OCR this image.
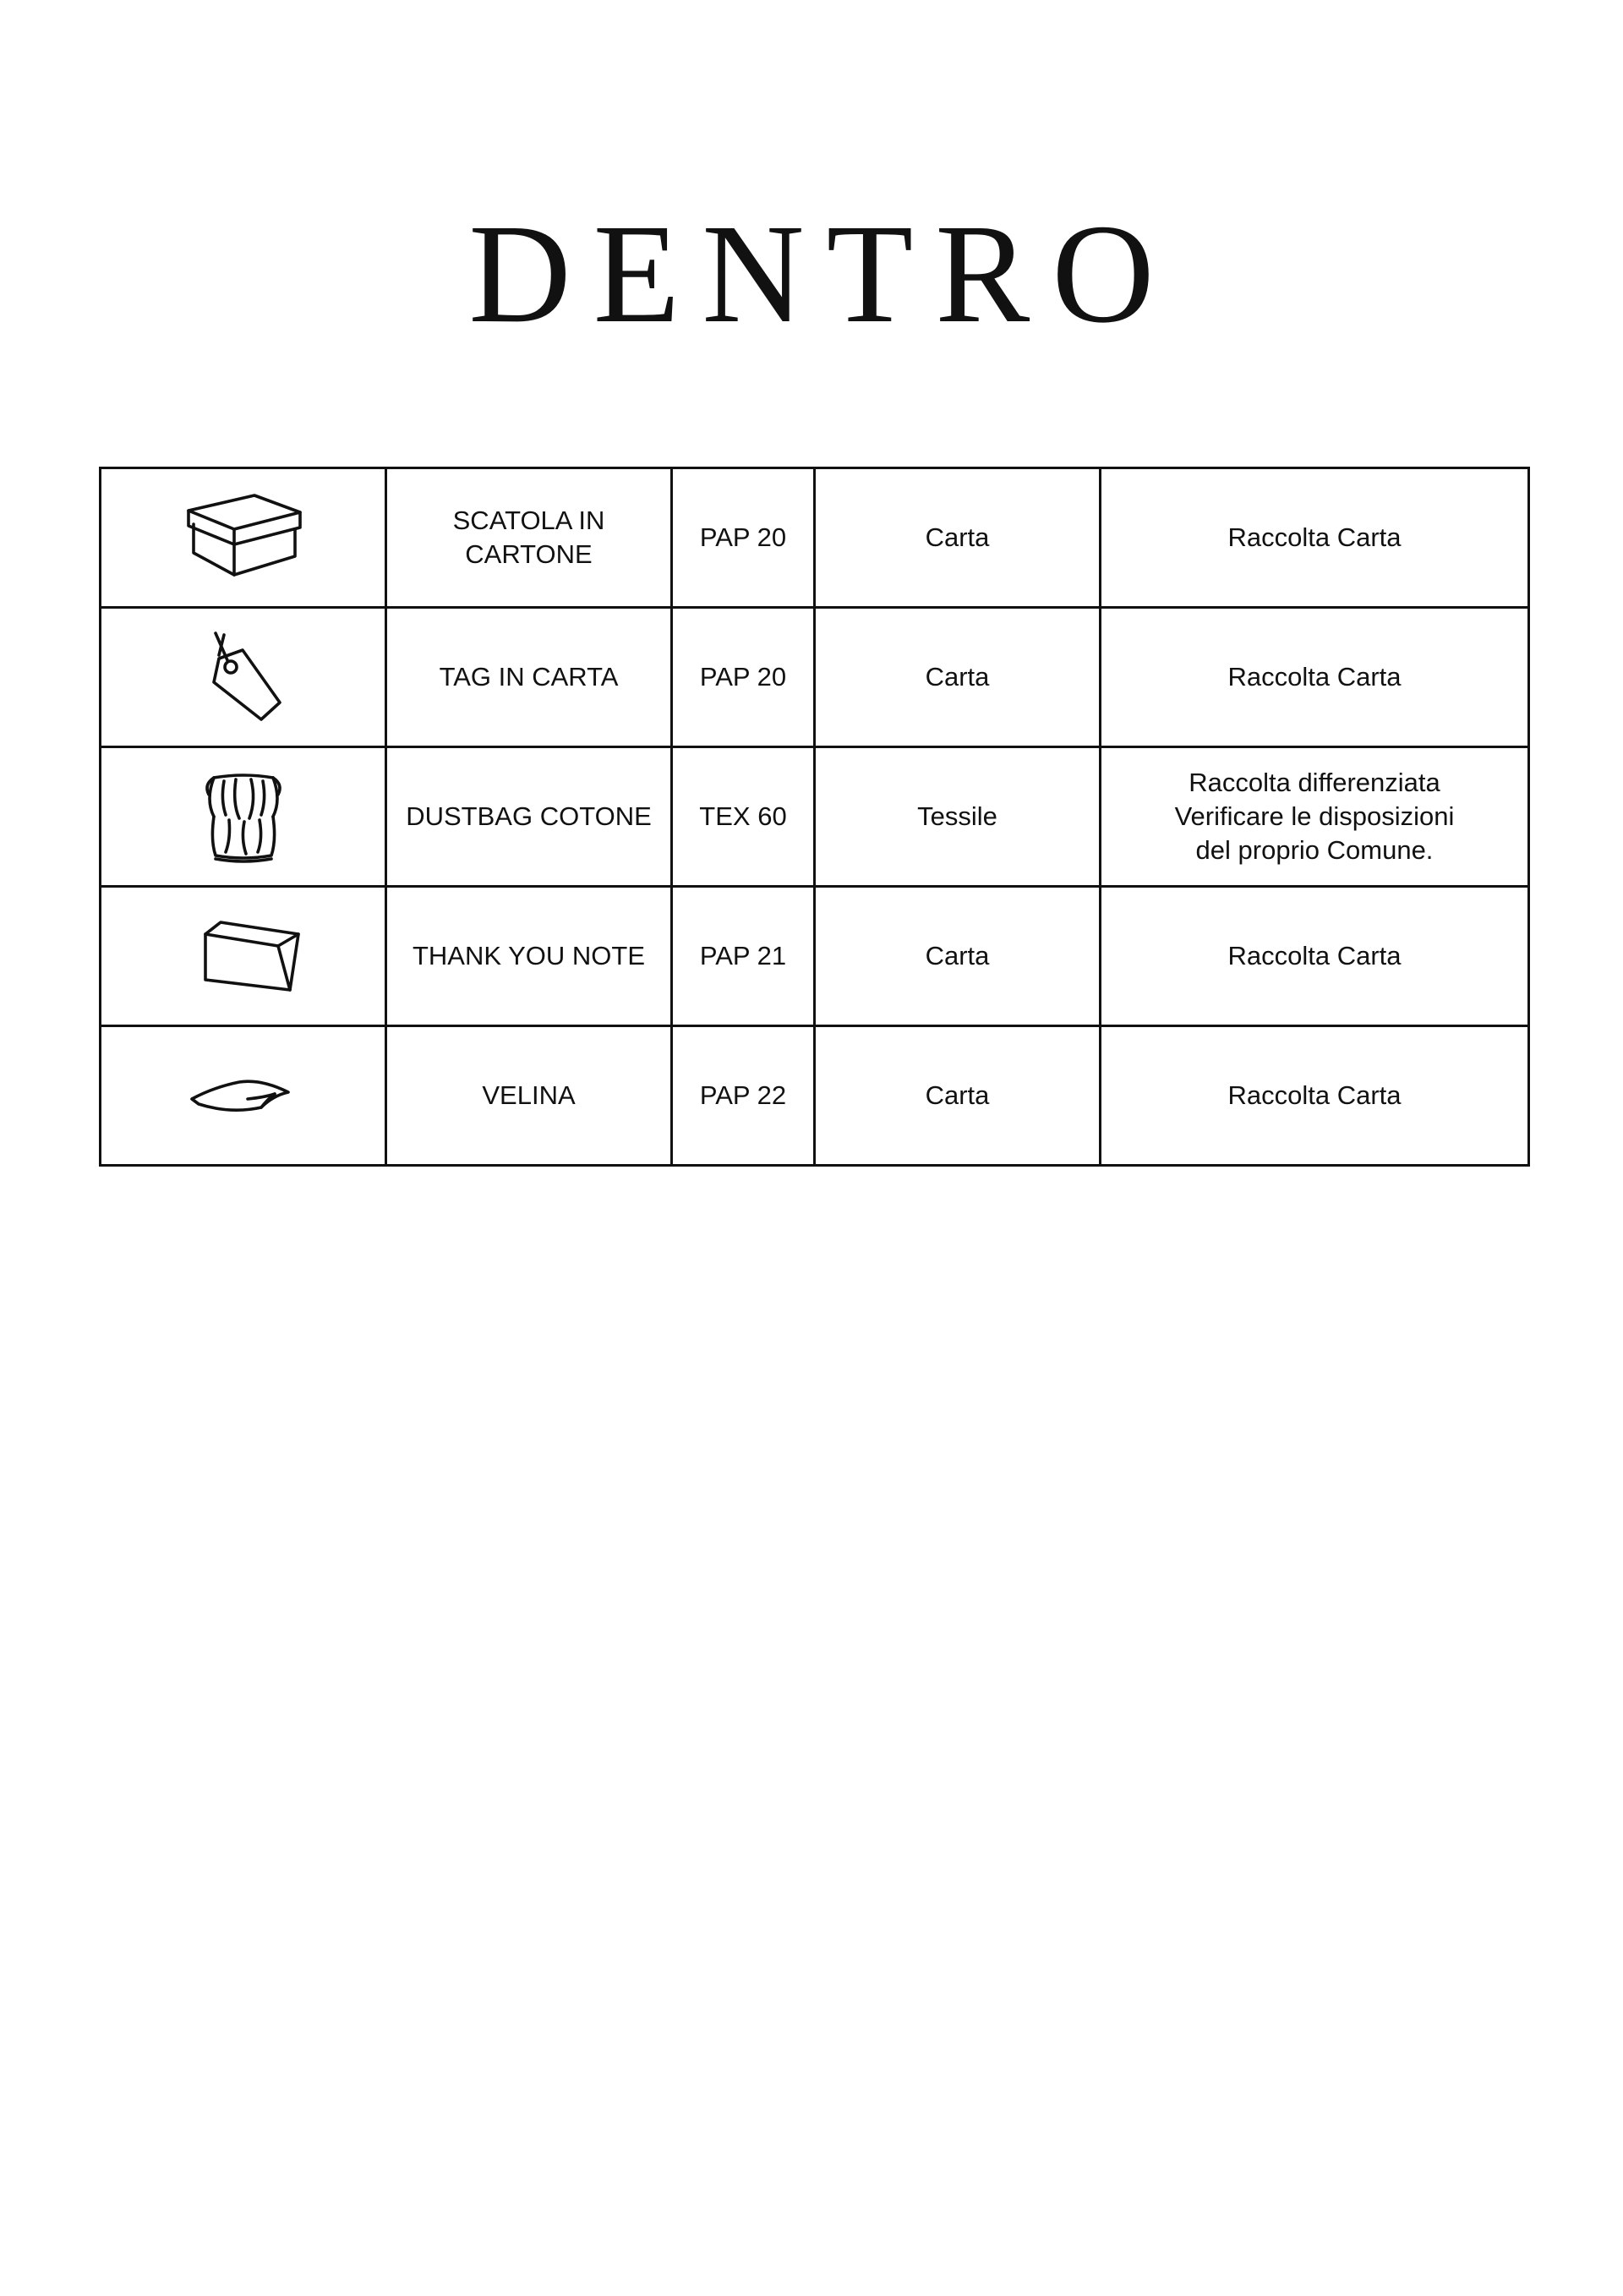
DENTRO
	SCATOLA IN CARTONE	PAP 20	Carta	Raccolta Carta

	TAG IN CARTA	PAP 20	Carta	Raccolta Carta

	DUSTBAG COTONE	TEX 60	Tessile	Raccolta differenziata
Verificare le disposizioni
del proprio Comune.

	THANK YOU NOTE	PAP 21	Carta	Raccolta Carta

	VELINA	PAP 22	Carta	Raccolta Carta
